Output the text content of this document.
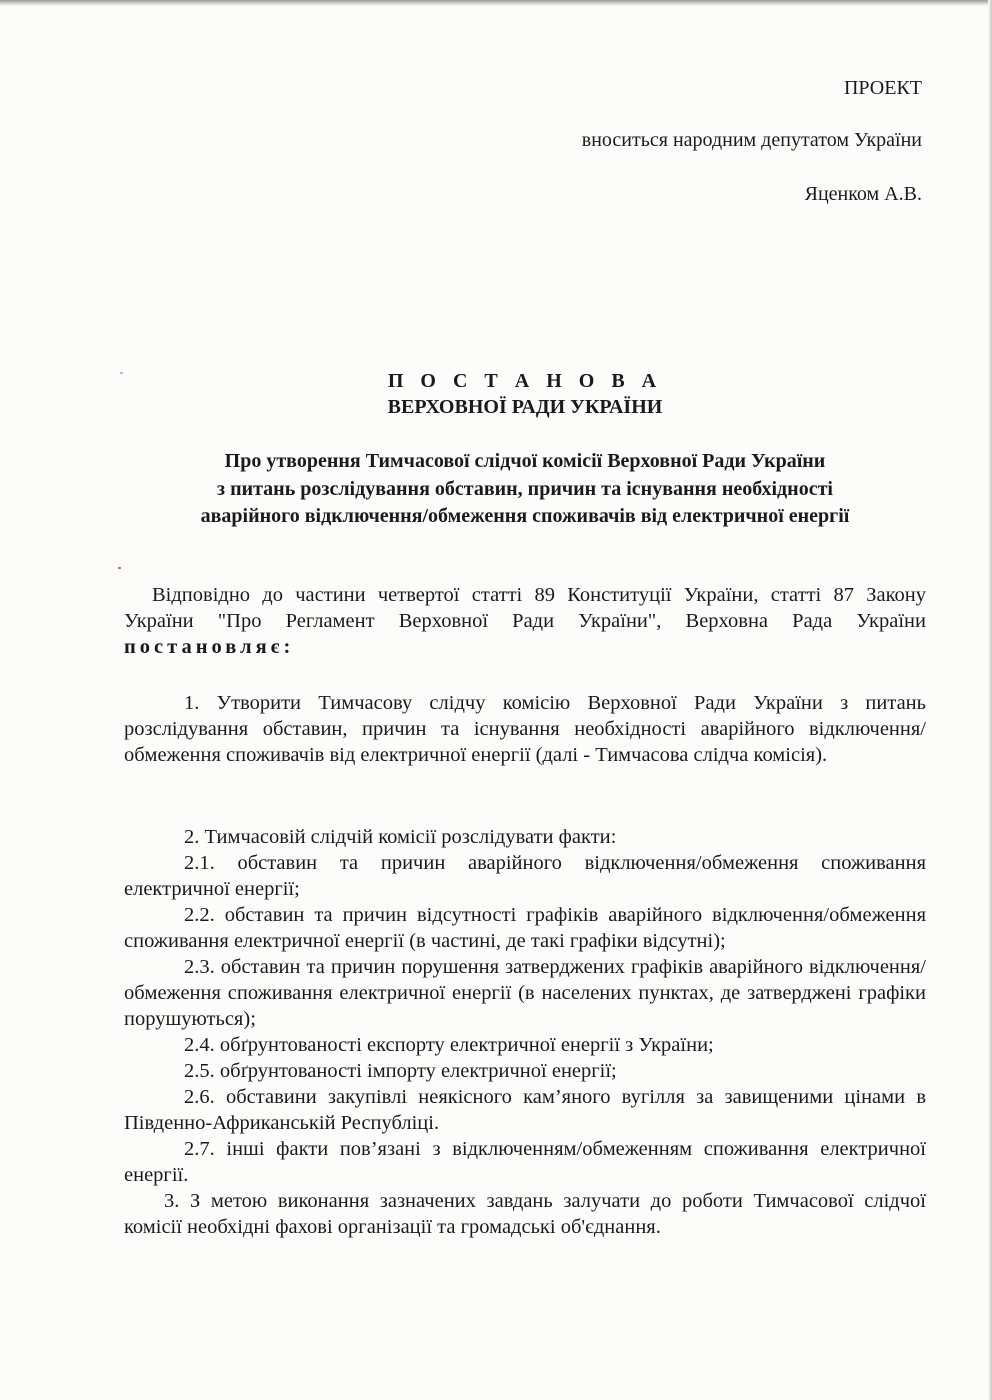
ПРОЕКТ
вноситься народним депутатом України
Яценком А.В.
П О С Т А Н О В А
ВЕРХОВНОЇ РАДИ УКРАЇНИ
Про утворення Тимчасової слідчої комісії Верховної Ради України
з питань розслідування обставин, причин та існування необхідності
аварійного відключення/обмеження споживачів від електричної енергії

Відповідно до частини четвертої статті 89 Конституції України, статті 87 Закону України "Про Регламент Верховної Ради України", Верховна Рада України постановляє:

1. Утворити Тимчасову слідчу комісію Верховної Ради України з питань розслідування обставин, причин та існування необхідності аварійного відключення/обмеження споживачів від електричної енергії (далі - Тимчасова слідча комісія).

2. Тимчасовій слідчій комісії розслідувати факти:

2.1. обставин та причин аварійного відключення/обмеження споживання електричної енергії;

2.2. обставин та причин відсутності графіків аварійного відключення/обмеження споживання електричної енергії (в частині, де такі графіки відсутні);

2.3. обставин та причин порушення затверджених графіків аварійного відключення/обмеження споживання електричної енергії (в населених пунктах, де затверджені графіки порушуються);

2.4. обґрунтованості експорту електричної енергії з України;

2.5. обґрунтованості імпорту електричної енергії;

2.6. обставини закупівлі неякісного кам’яного вугілля за завищеними цінами в Південно-Африканській Республіці.

2.7. інші факти пов’язані з відключенням/обмеженням споживання електричної енергії.

3. З метою виконання зазначених завдань залучати до роботи Тимчасової слідчої комісії необхідні фахові організації та громадські об'єднання.
